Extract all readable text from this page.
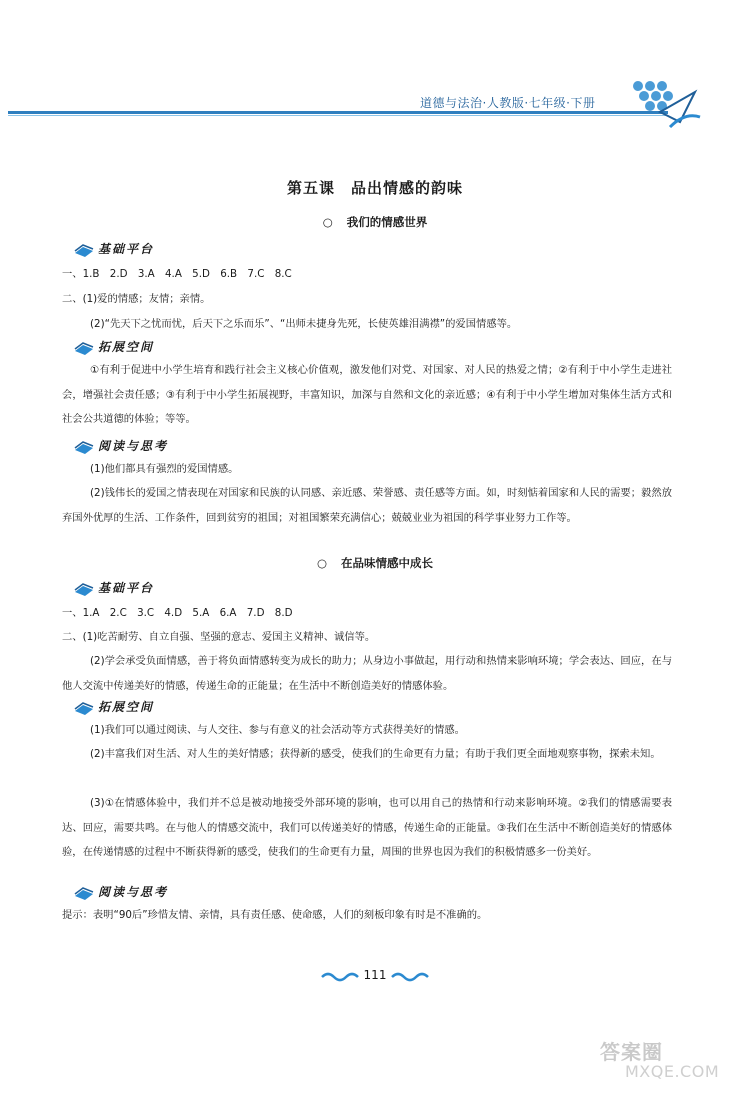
道德与法治·人教版·七年级·下册
第五课　品出情感的韵味
○ 我们的情感世界
基础平台
一、1.B　2.D　3.A　4.A　5.D　6.B　7.C　8.C
二、(1)爱的情感；友情；亲情。
(2)“先天下之忧而忧，后天下之乐而乐”、“出师未捷身先死，长使英雄泪满襟”的爱国情感等。
拓展空间
①有利于促进中小学生培育和践行社会主义核心价值观，激发他们对党、对国家、对人民的热爱之情；②有利于中小学生走进社会，增强社会责任感；③有利于中小学生拓展视野，丰富知识，加深与自然和文化的亲近感；④有利于中小学生增加对集体生活方式和社会公共道德的体验；等等。
阅读与思考
(1)他们都具有强烈的爱国情感。
(2)钱伟长的爱国之情表现在对国家和民族的认同感、亲近感、荣誉感、责任感等方面。如，时刻惦着国家和人民的需要；毅然放弃国外优厚的生活、工作条件，回到贫穷的祖国；对祖国繁荣充满信心；兢兢业业为祖国的科学事业努力工作等。
○ 在品味情感中成长
基础平台
一、1.A　2.C　3.C　4.D　5.A　6.A　7.D　8.D
二、(1)吃苦耐劳、自立自强、坚强的意志、爱国主义精神、诚信等。
(2)学会承受负面情感，善于将负面情感转变为成长的助力；从身边小事做起，用行动和热情来影响环境；学会表达、回应，在与他人交流中传递美好的情感，传递生命的正能量；在生活中不断创造美好的情感体验。
拓展空间
(1)我们可以通过阅读、与人交往、参与有意义的社会活动等方式获得美好的情感。
(2)丰富我们对生活、对人生的美好情感；获得新的感受，使我们的生命更有力量；有助于我们更全面地观察事物，探索未知。
(3)①在情感体验中，我们并不总是被动地接受外部环境的影响，也可以用自己的热情和行动来影响环境。②我们的情感需要表达、回应，需要共鸣。在与他人的情感交流中，我们可以传递美好的情感，传递生命的正能量。③我们在生活中不断创造美好的情感体验，在传递情感的过程中不断获得新的感受，使我们的生命更有力量，周围的世界也因为我们的积极情感多一份美好。
阅读与思考
提示：表明“90后”珍惜友情、亲情，具有责任感、使命感，人们的刻板印象有时是不准确的。
111
答案圈
MXQE.COM
